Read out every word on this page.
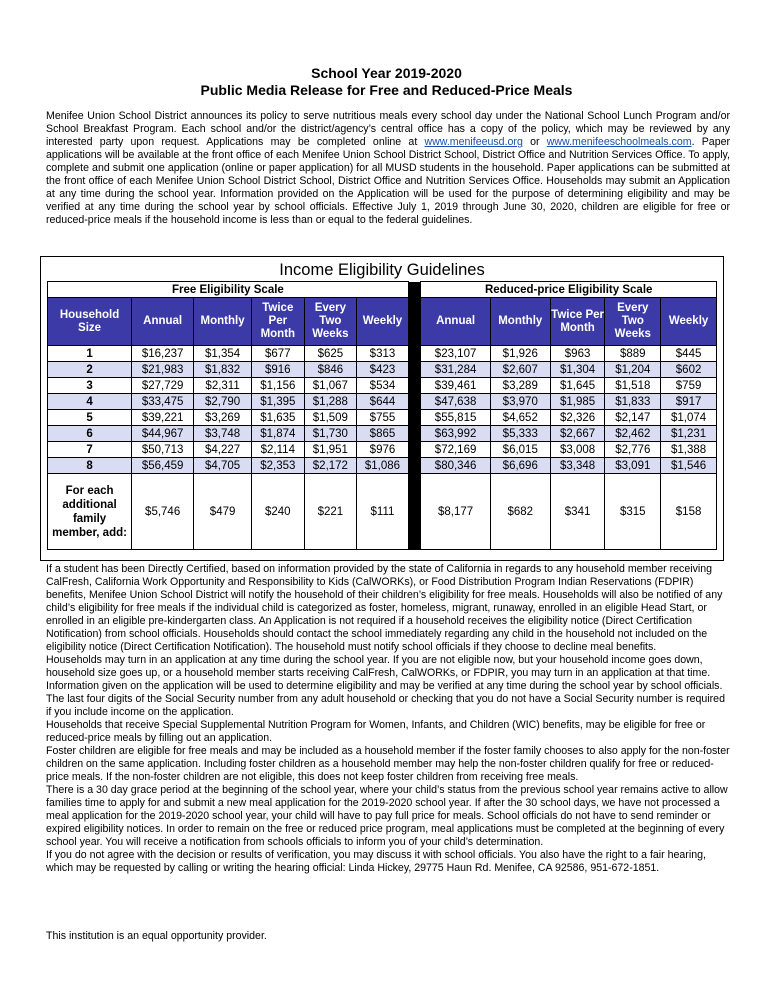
School Year 2019-2020
Public Media Release for Free and Reduced-Price Meals
Menifee Union School District announces its policy to serve nutritious meals every school day under the National School Lunch Program and/or School Breakfast Program. Each school and/or the district/agency’s central office has a copy of the policy, which may be reviewed by any interested party upon request. Applications may be completed online at www.menifeeusd.org or www.menifeeschoolmeals.com. Paper applications will be available at the front office of each Menifee Union School District School, District Office and Nutrition Services Office. To apply, complete and submit one application (online or paper application) for all MUSD students in the household. Paper applications can be submitted at the front office of each Menifee Union School District School, District Office and Nutrition Services Office. Households may submit an Application at any time during the school year. Information provided on the Application will be used for the purpose of determining eligibility and may be verified at any time during the school year by school officials. Effective July 1, 2019 through June 30, 2020, children are eligible for free or reduced-price meals if the household income is less than or equal to the federal guidelines.
Income Eligibility Guidelines
Free Eligibility Scale							Reduced-price Eligibility Scale				
Household Size	Annual	Monthly	Twice Per Month	Every Two Weeks	Weekly		Annual	Monthly	Twice Per Month	Every Two Weeks	Weekly
1	$16,237	$1,354	$677	$625	$313		$23,107	$1,926	$963	$889	$445
2	$21,983	$1,832	$916	$846	$423		$31,284	$2,607	$1,304	$1,204	$602
3	$27,729	$2,311	$1,156	$1,067	$534		$39,461	$3,289	$1,645	$1,518	$759
4	$33,475	$2,790	$1,395	$1,288	$644		$47,638	$3,970	$1,985	$1,833	$917
5	$39,221	$3,269	$1,635	$1,509	$755		$55,815	$4,652	$2,326	$2,147	$1,074
6	$44,967	$3,748	$1,874	$1,730	$865		$63,992	$5,333	$2,667	$2,462	$1,231
7	$50,713	$4,227	$2,114	$1,951	$976		$72,169	$6,015	$3,008	$2,776	$1,388
8	$56,459	$4,705	$2,353	$2,172	$1,086		$80,346	$6,696	$3,348	$3,091	$1,546
For each additional family member, add:	$5,746	$479	$240	$221	$111		$8,177	$682	$341	$315	$158
If a student has been Directly Certified, based on information provided by the state of California in regards to any household member receiving CalFresh, California Work Opportunity and Responsibility to Kids (CalWORKs), or Food Distribution Program Indian Reservations (FDPIR) benefits, Menifee Union School District will notify the household of their children’s eligibility for free meals. Households will also be notified of any child’s eligibility for free meals if the individual child is categorized as foster, homeless, migrant, runaway, enrolled in an eligible Head Start, or enrolled in an eligible pre-kindergarten class. An Application is not required if a household receives the eligibility notice (Direct Certification Notification) from school officials. Households should contact the school immediately regarding any child in the household not included on the eligibility notice (Direct Certification Notification). The household must notify school officials if they choose to decline meal benefits.
Households may turn in an application at any time during the school year. If you are not eligible now, but your household income goes down, household size goes up, or a household member starts receiving CalFresh, CalWORKs, or FDPIR, you may turn in an application at that time. Information given on the application will be used to determine eligibility and may be verified at any time during the school year by school officials. The last four digits of the Social Security number from any adult household or checking that you do not have a Social Security number is required if you include income on the application.
Households that receive Special Supplemental Nutrition Program for Women, Infants, and Children (WIC) benefits, may be eligible for free or reduced-price meals by filling out an application.
Foster children are eligible for free meals and may be included as a household member if the foster family chooses to also apply for the non-foster children on the same application. Including foster children as a household member may help the non-foster children qualify for free or reduced-price meals. If the non-foster children are not eligible, this does not keep foster children from receiving free meals.
There is a 30 day grace period at the beginning of the school year, where your child’s status from the previous school year remains active to allow families time to apply for and submit a new meal application for the 2019-2020 school year. If after the 30 school days, we have not processed a meal application for the 2019-2020 school year, your child will have to pay full price for meals. School officials do not have to send reminder or expired eligibility notices. In order to remain on the free or reduced price program, meal applications must be completed at the beginning of every school year. You will receive a notification from schools officials to inform you of your child’s determination.
If you do not agree with the decision or results of verification, you may discuss it with school officials. You also have the right to a fair hearing, which may be requested by calling or writing the hearing official: Linda Hickey, 29775 Haun Rd. Menifee, CA 92586, 951-672-1851.
This institution is an equal opportunity provider.
